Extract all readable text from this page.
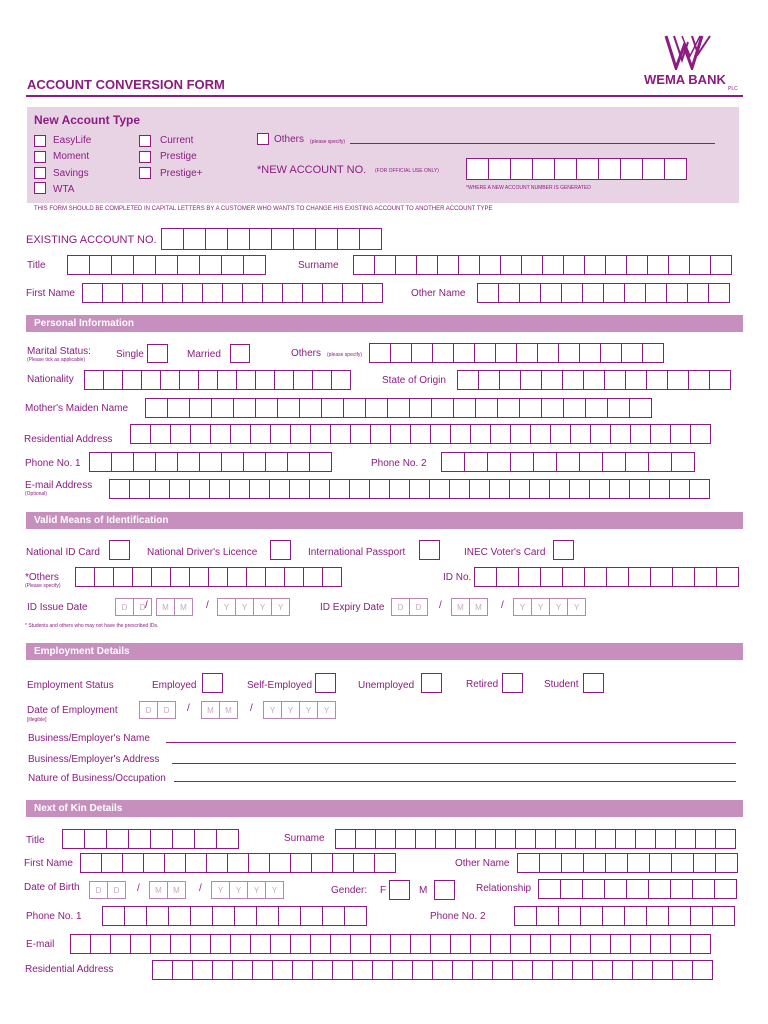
ACCOUNT CONVERSION FORM	WEMA BANK
PLC
New Account Type
EasyLife
Moment
Savings
WTA
Current
Prestige
Prestige+
Others (please specify)
*NEW ACCOUNT NO. (FOR OFFICIAL USE ONLY)
*WHERE A NEW ACCOUNT NUMBER IS GENERATED
THIS FORM SHOULD BE COMPLETED IN CAPITAL LETTERS BY A CUSTOMER WHO WANTS TO CHANGE HIS EXISTING ACCOUNT TO ANOTHER ACCOUNT TYPE
EXISTING ACCOUNT NO.
Title	Surname
First Name	Other Name
Personal Information
Marital Status:
(Please tick as applicable)	Single	Married	Others (please specify)
Nationality	State of Origin
Mother's Maiden Name
Residential Address
Phone No. 1	Phone No. 2
E-mail Address
(Optional)
Valid Means of Identification
National ID Card	National Driver's Licence	International Passport	INEC Voter's Card
*Others
(Please specify)
ID No.
ID Issue Date	D	D /	M	M	/	Y	Y	Y	Y	ID Expiry Date	D	D	/	M	M	/	Y	Y	Y	Y
* Students and others who may not have the prescribed IDs.
Employment Details
Employment Status	Employed	Self-Employed	Unemployed	Retired	Student
Date of Employment
[illegible]
D	D	/	M	M	/	Y	Y	Y	Y
Business/Employer's Name
Business/Employer's Address
Nature of Business/Occupation
Next of Kin Details
Title	Surname
First Name	Other Name
Date of Birth	D	D	/	M	M	/	Y	Y	Y	Y	Gender: F	M	Relationship
Phone No. 1	Phone No. 2
E-mail
Residential Address
